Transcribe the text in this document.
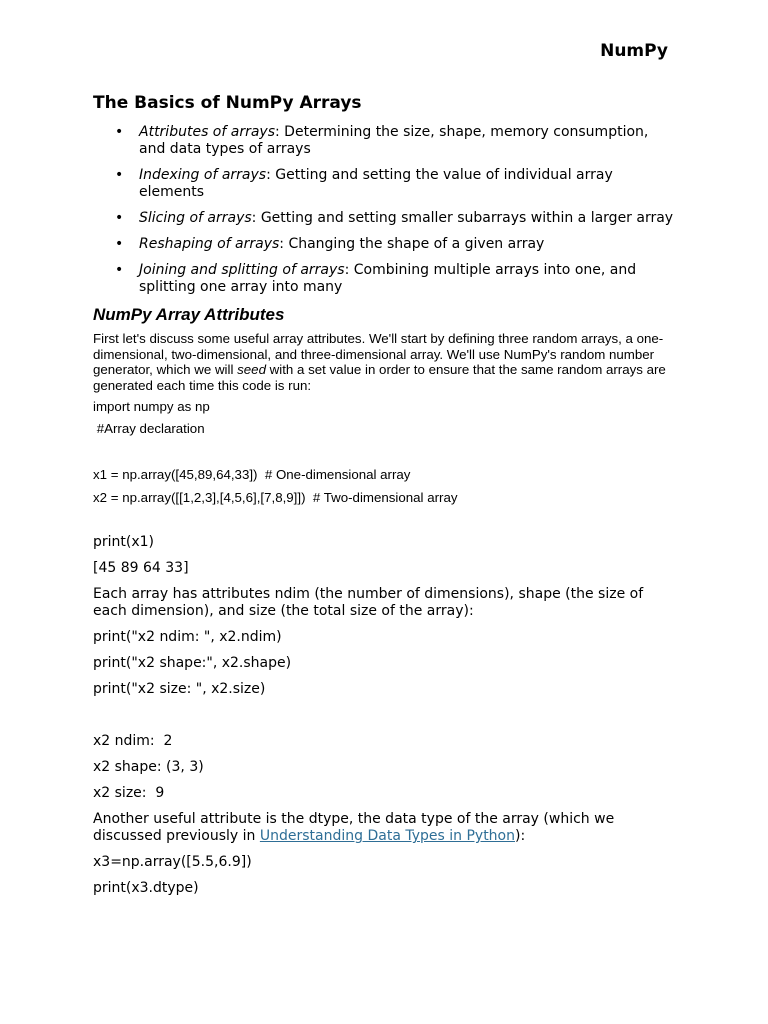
NumPy
The Basics of NumPy Arrays
• Attributes of arrays: Determining the size, shape, memory consumption, and data types of arrays
• Indexing of arrays: Getting and setting the value of individual array elements
• Slicing of arrays: Getting and setting smaller subarrays within a larger array
• Reshaping of arrays: Changing the shape of a given array
• Joining and splitting of arrays: Combining multiple arrays into one, and splitting one array into many
NumPy Array Attributes

First let's discuss some useful array attributes. We'll start by defining three random arrays, a one-dimensional, two-dimensional, and three-dimensional array. We'll use NumPy's random number generator, which we will seed with a set value in order to ensure that the same random arrays are generated each time this code is run:

import numpy as np

#Array declaration

x1 = np.array([45,89,64,33])  # One-dimensional array

x2 = np.array([[1,2,3],[4,5,6],[7,8,9]])  # Two-dimensional array

print(x1)

[45 89 64 33]

Each array has attributes ndim (the number of dimensions), shape (the size of each dimension), and size (the total size of the array):

print("x2 ndim: ", x2.ndim)

print("x2 shape:", x2.shape)

print("x2 size: ", x2.size)

x2 ndim:  2

x2 shape: (3, 3)

x2 size:  9

Another useful attribute is the dtype, the data type of the array (which we discussed previously in Understanding Data Types in Python):

x3=np.array([5.5,6.9])

print(x3.dtype)
